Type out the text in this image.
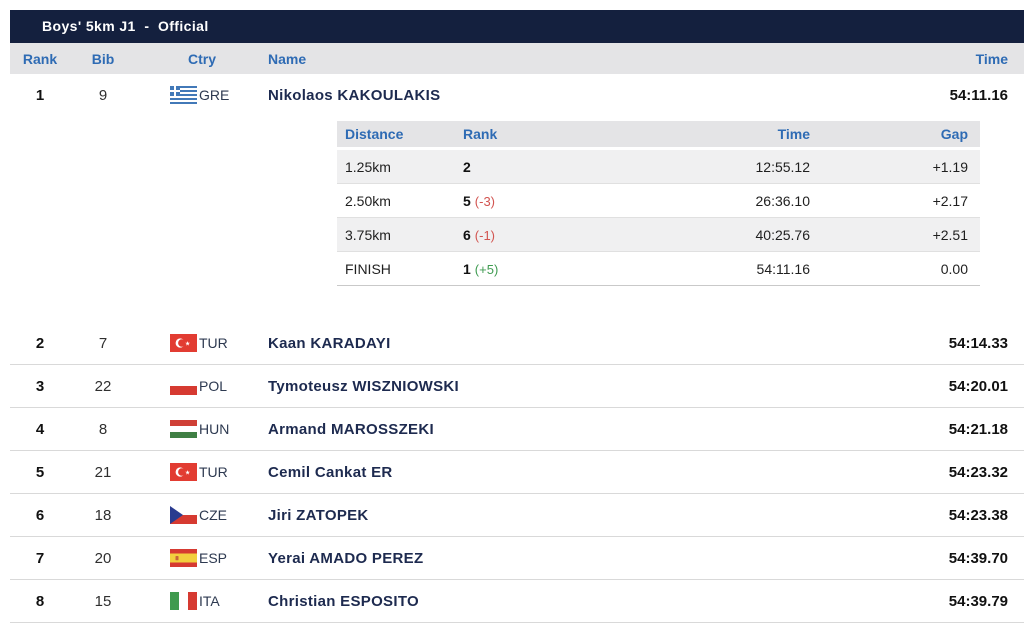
Boys' 5km J1  -  Official
Rank	Bib	Ctry	Name	Time
1	9	GRE	Nikolaos KAKOULAKIS	54:11.16
Distance	Rank	Time	Gap
1.25km	2	12:55.12	+1.19
2.50km	5 (-3)	26:36.10	+2.17
3.75km	6 (-1)	40:25.76	+2.51
FINISH	1 (+5)	54:11.16	0.00
2	7	TUR	Kaan KARADAYI	54:14.33
3	22	POL	Tymoteusz WISZNIOWSKI	54:20.01
4	8	HUN	Armand MAROSSZEKI	54:21.18
5	21	TUR	Cemil Cankat ER	54:23.32
6	18	CZE	Jiri ZATOPEK	54:23.38
7	20	ESP	Yerai AMADO PEREZ	54:39.70
8	15	ITA	Christian ESPOSITO	54:39.79
